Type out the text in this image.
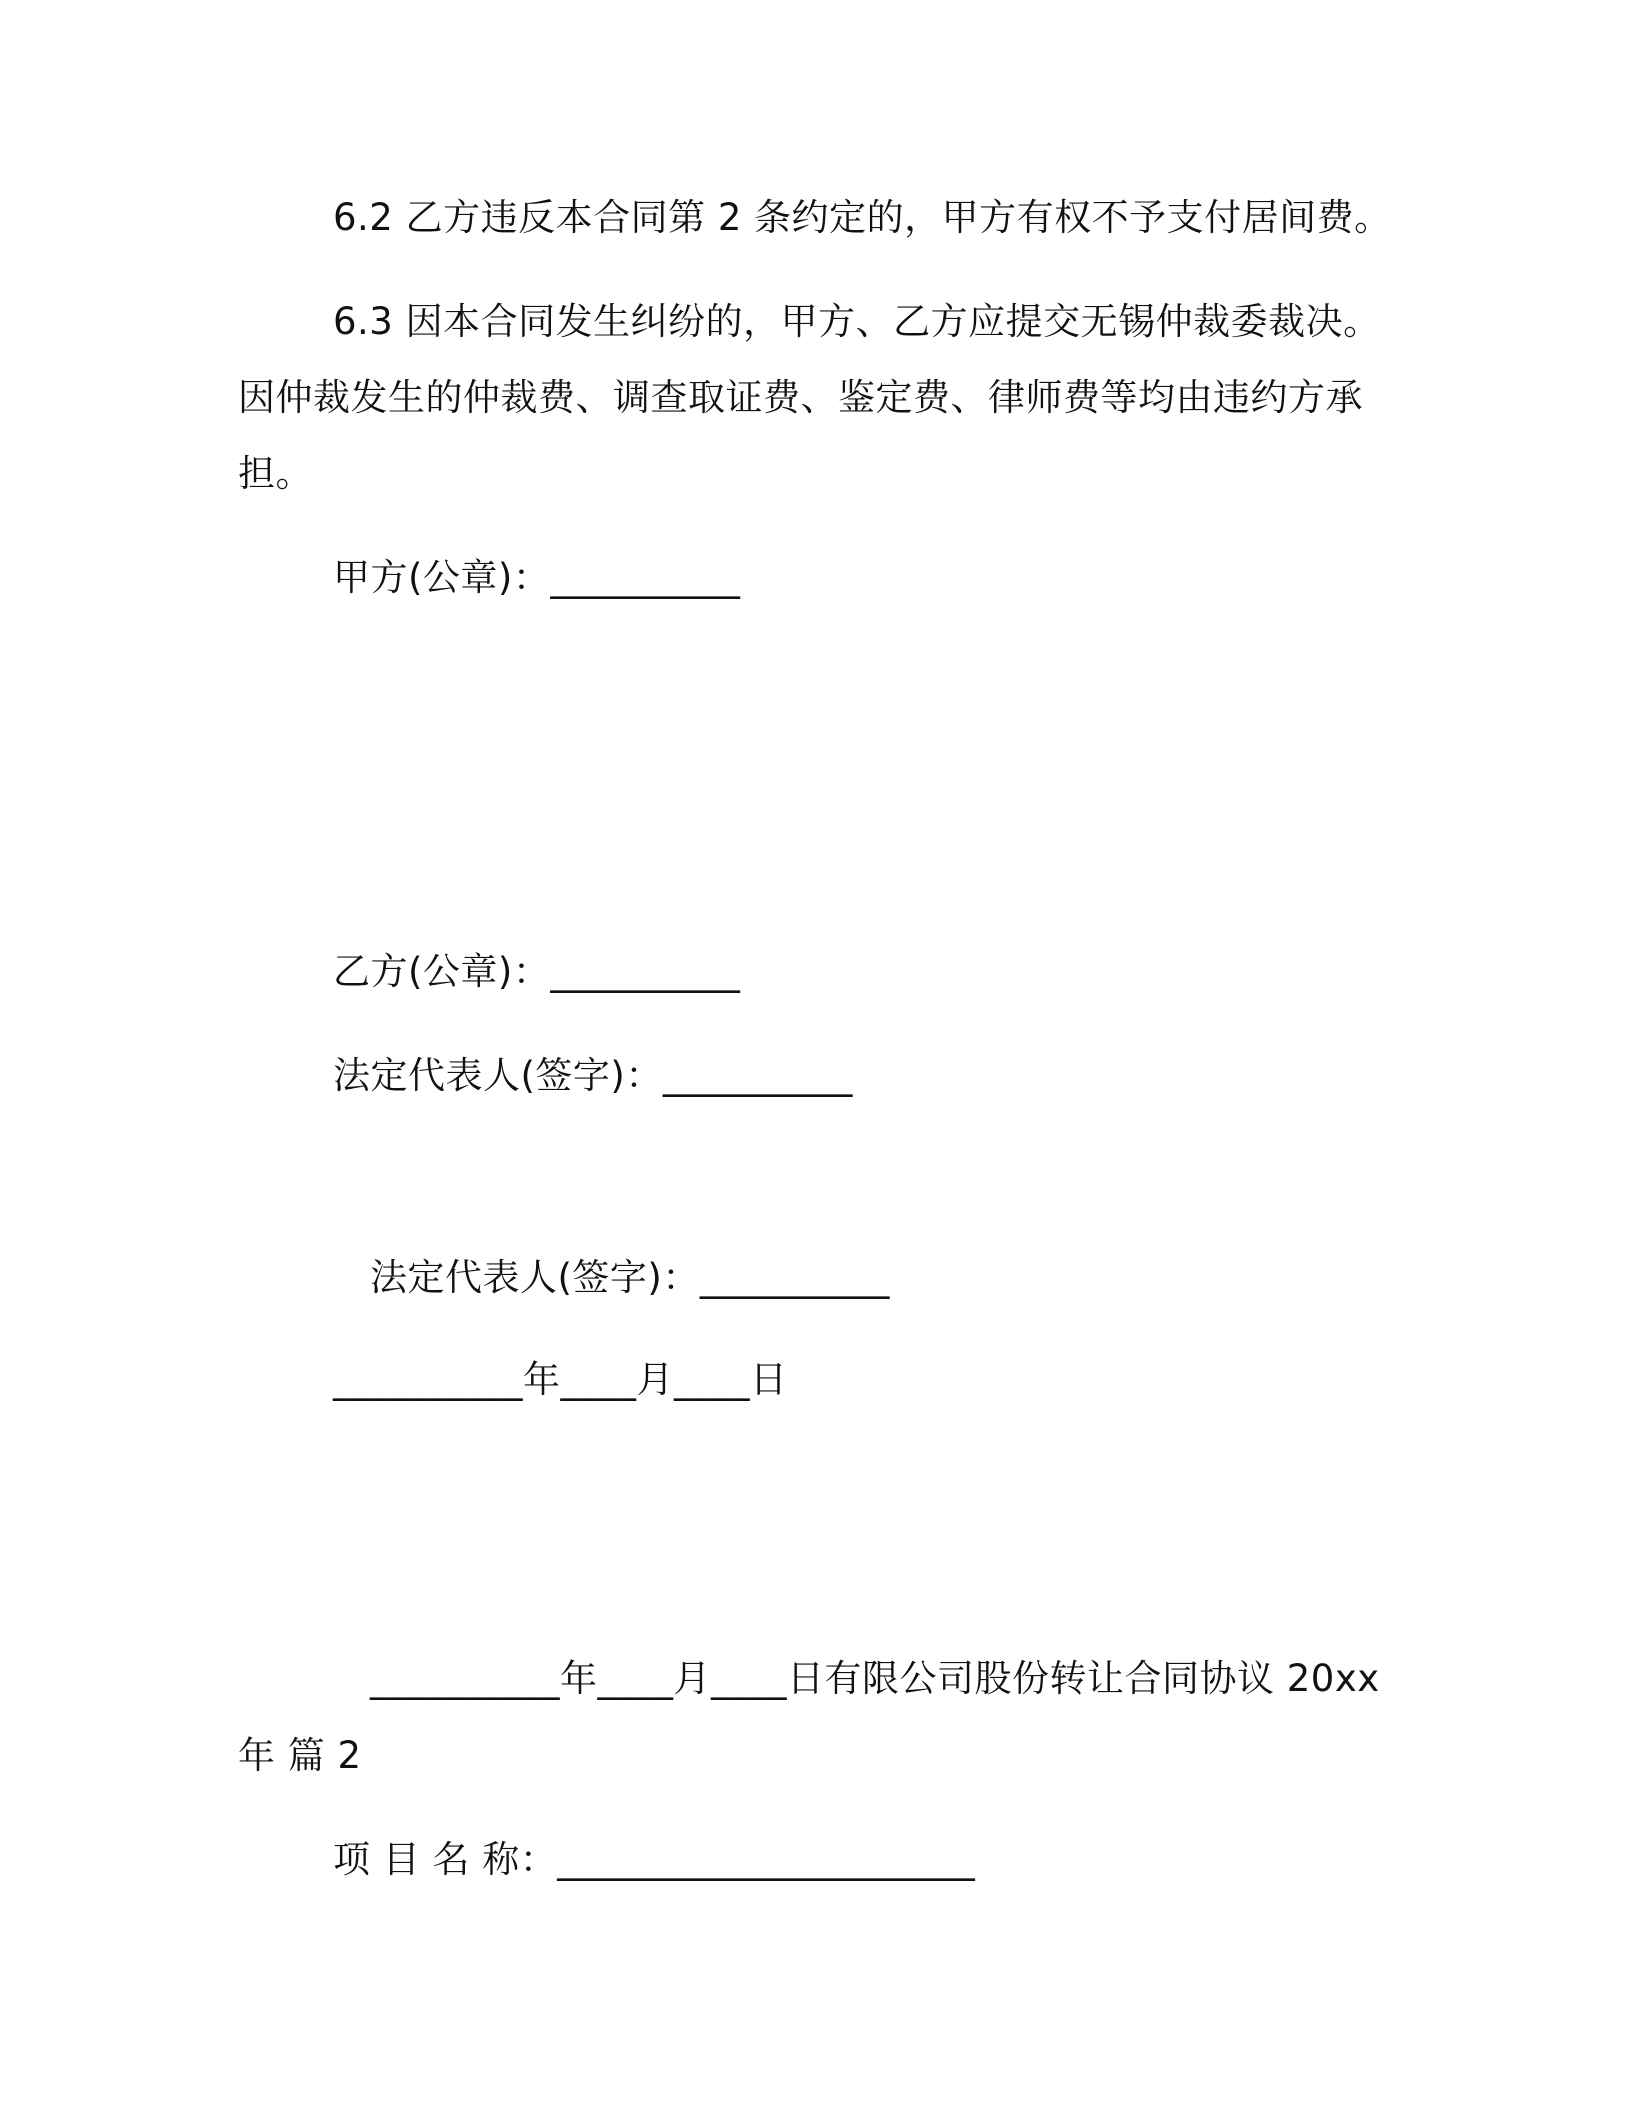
6.2 乙方违反本合同第 2 条约定的，甲方有权不予支付居间费。
6.3 因本合同发生纠纷的，甲方、乙方应提交无锡仲裁委裁决。
因仲裁发生的仲裁费、调查取证费、鉴定费、律师费等均由违约方承
担。
甲方(公章)：__________
乙方(公章)：__________
法定代表人(签字)：__________
法定代表人(签字)：__________
__________年____月____日
__________年____月____日有限公司股份转让合同协议 20xx
年 篇 2
项 目 名 称：______________________
